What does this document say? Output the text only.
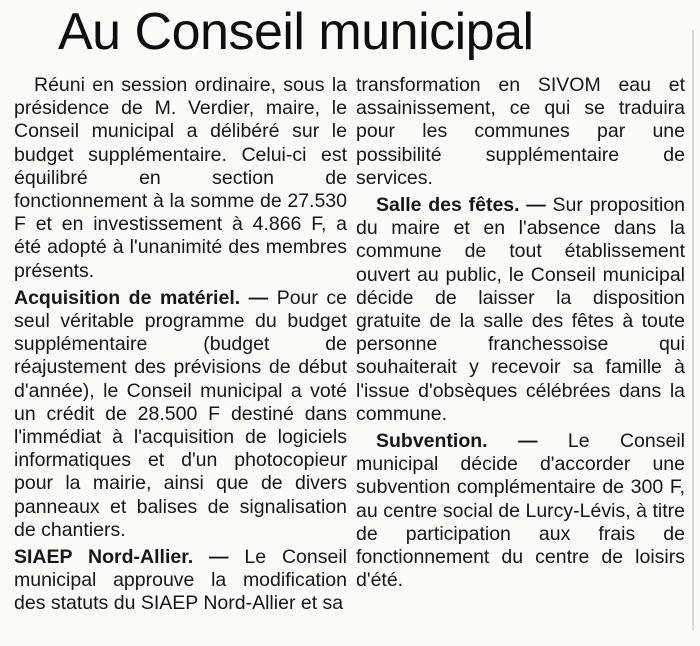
Au Conseil municipal

Réuni en session ordinaire, sous la présidence de M. Verdier, maire, le Conseil municipal a délibéré sur le budget supplémentaire. Celui-ci est équilibré en section de fonctionnement à la somme de 27.530 F et en investissement à 4.866 F, a été adopté à l'unanimité des membres présents.

Acquisition de matériel. — Pour ce seul véritable programme du budget supplémentaire (budget de réajustement des prévisions de début d'année), le Conseil municipal a voté un crédit de 28.500 F destiné dans l'immédiat à l'acquisition de logiciels informatiques et d'un photocopieur pour la mairie, ainsi que de divers panneaux et balises de signalisation de chantiers.

SIAEP Nord-Allier. — Le Conseil municipal approuve la modification des statuts du SIAEP Nord-Allier et sa

transformation en SIVOM eau et assainissement, ce qui se traduira pour les communes par une possibilité supplémentaire de services.

Salle des fêtes. — Sur proposition du maire et en l'absence dans la commune de tout établissement ouvert au public, le Conseil municipal décide de laisser la disposition gratuite de la salle des fêtes à toute personne franchessoise qui souhaiterait y recevoir sa famille à l'issue d'obsèques célébrées dans la commune.

Subvention. — Le Conseil municipal décide d'accorder une subvention complémentaire de 300 F, au centre social de Lurcy-Lévis, à titre de participation aux frais de fonctionnement du centre de loisirs d'été.
